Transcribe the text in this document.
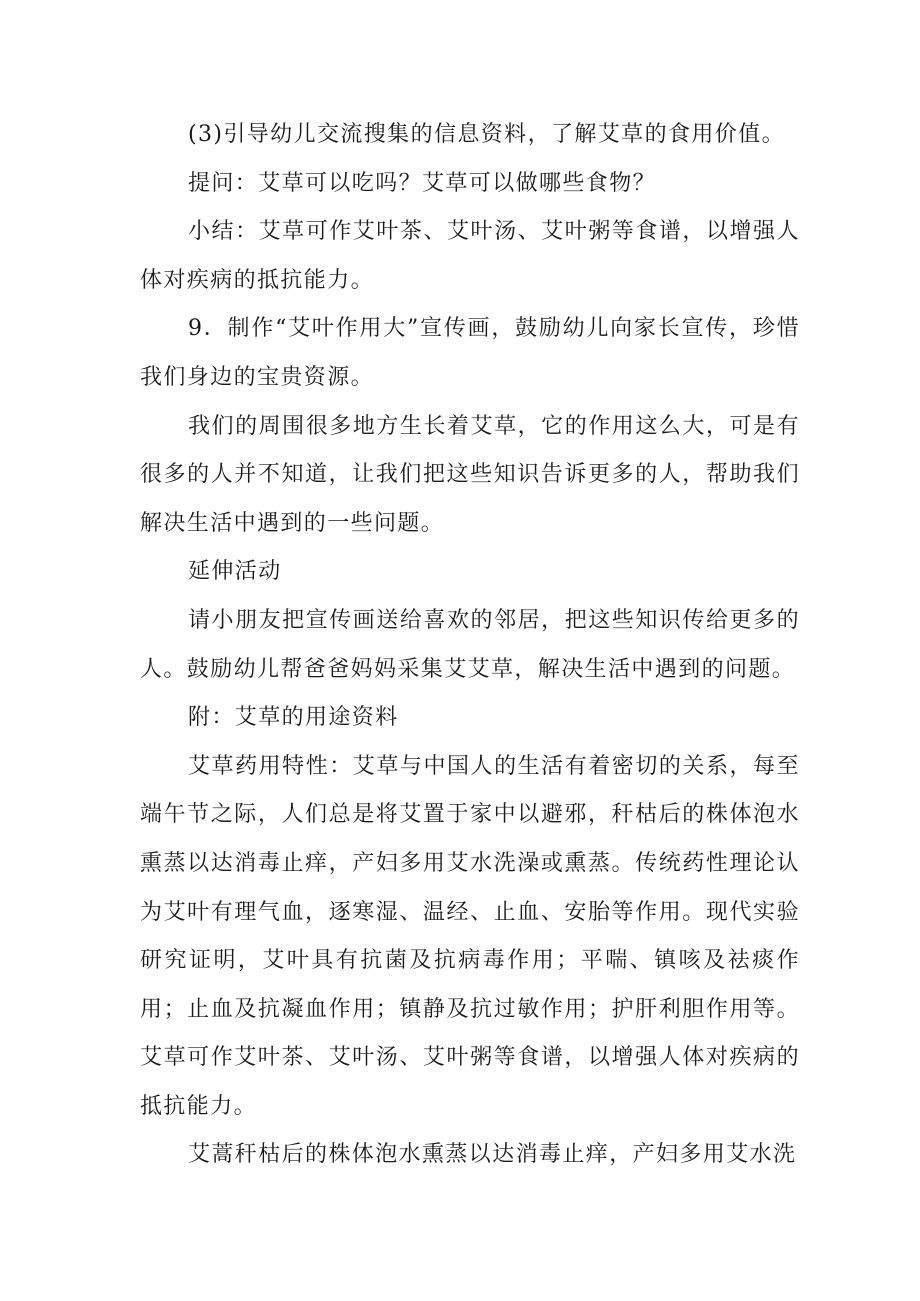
(3)引导幼儿交流搜集的信息资料，了解艾草的食用价值。

提问：艾草可以吃吗？艾草可以做哪些食物？

小结：艾草可作艾叶茶、艾叶汤、艾叶粥等食谱，以增强人体对疾病的抵抗能力。

9．制作“艾叶作用大”宣传画，鼓励幼儿向家长宣传，珍惜我们身边的宝贵资源。

我们的周围很多地方生长着艾草，它的作用这么大，可是有很多的人并不知道，让我们把这些知识告诉更多的人，帮助我们解决生活中遇到的一些问题。

延伸活动

请小朋友把宣传画送给喜欢的邻居，把这些知识传给更多的人。鼓励幼儿帮爸爸妈妈采集艾艾草，解决生活中遇到的问题。

附：艾草的用途资料

艾草药用特性：艾草与中国人的生活有着密切的关系，每至端午节之际，人们总是将艾置于家中以避邪，秆枯后的株体泡水熏蒸以达消毒止痒，产妇多用艾水洗澡或熏蒸。传统药性理论认为艾叶有理气血，逐寒湿、温经、止血、安胎等作用。现代实验研究证明，艾叶具有抗菌及抗病毒作用；平喘、镇咳及祛痰作用；止血及抗凝血作用；镇静及抗过敏作用；护肝利胆作用等。艾草可作艾叶茶、艾叶汤、艾叶粥等食谱，以增强人体对疾病的抵抗能力。

艾蒿秆枯后的株体泡水熏蒸以达消毒止痒，产妇多用艾水洗
